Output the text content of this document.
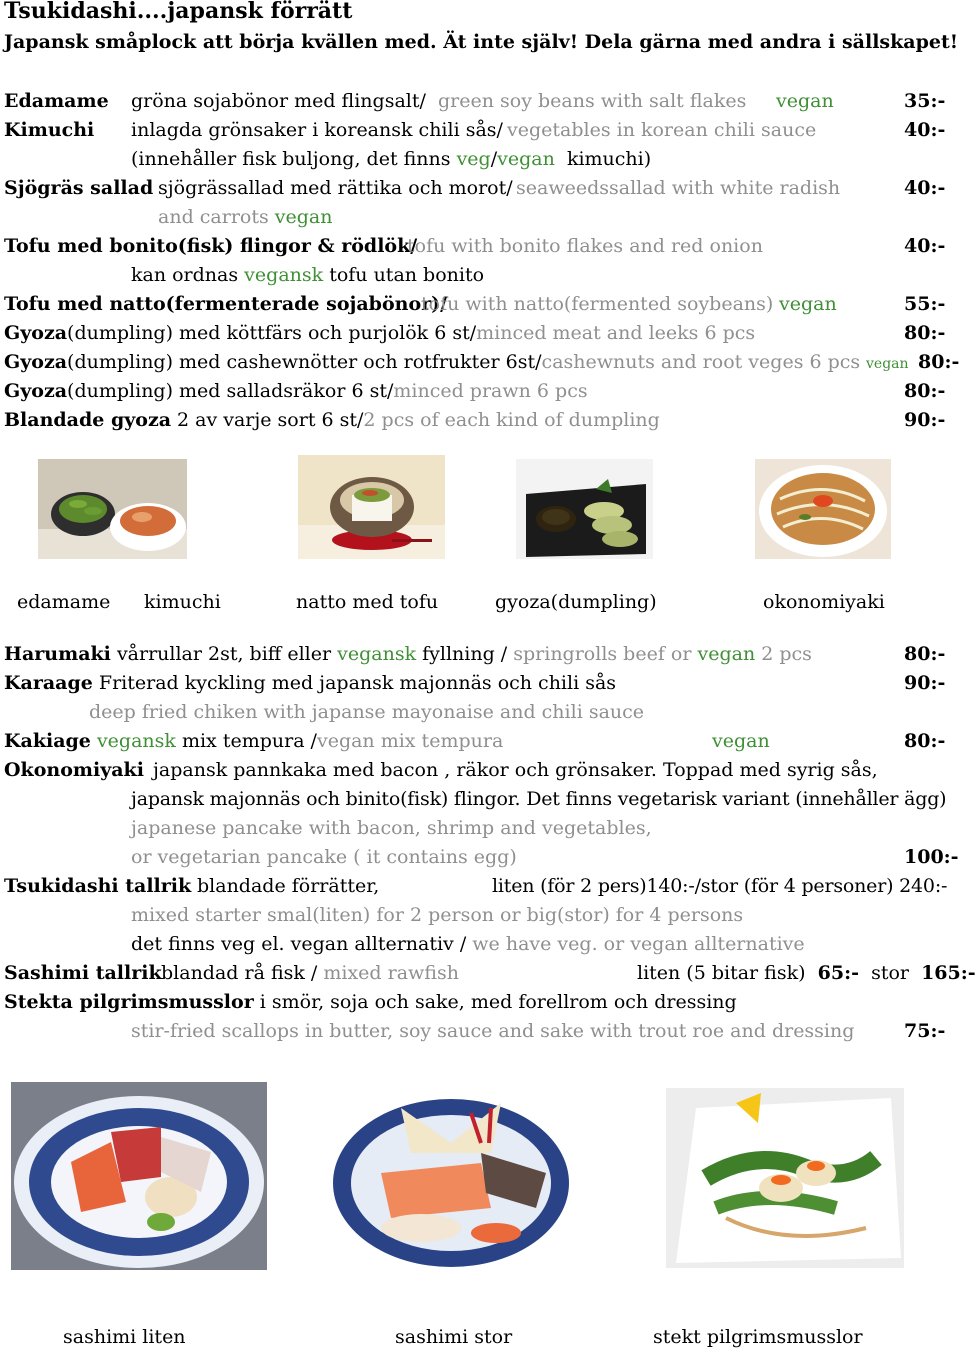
Tsukidashi....japansk förrätt
Japansk småplock att börja kvällen med. Ät inte själv! Dela gärna med andra i sällskapet!
Edamame gröna sojabönor med flingsalt/ green soy beans with salt flakes vegan	35:-
Kimuchi inlagda grönsaker i koreansk chili sås/ vegetables in korean chili sauce	40:-
(innehåller fisk buljong, det finns veg/vegan kimuchi)
Sjögräs sallad sjögrässallad med rättika och morot/ seaweedssallad with white radish	40:-
and carrots vegan
Tofu med bonito(fisk) flingor & rödlök/
tofu with bonito flakes and red onion	40:-
kan ordnas vegansk tofu utan bonito
Tofu med natto(fermenterade sojabönor)/
tofu with natto(fermented soybeans) vegan	55:-
Gyoza(dumpling) med köttfärs och purjolök 6 st/minced meat and leeks 6 pcs	80:-
Gyoza(dumpling) med cashewnötter och rotfrukter 6st/cashewnuts and root veges 6 pcs vegan 80:-
Gyoza(dumpling) med salladsräkor 6 st/minced prawn 6 pcs	80:-
Blandade gyoza 2 av varje sort 6 st/2 pcs of each kind of dumpling	90:-
edamame kimuchi	natto med tofu	gyoza(dumpling)	okonomiyaki
Harumaki vårrullar 2st, biff eller vegansk fyllning / springrolls beef or vegan 2 pcs	80:-
Karaage Friterad kyckling med japansk majonnäs och chili sås	90:-
deep fried chiken with japanse mayonaise and chili sauce
Kakiage vegansk mix tempura /vegan mix tempura	vegan	80:-
Okonomiyaki japansk pannkaka med bacon , räkor och grönsaker. Toppad med syrig sås,
japansk majonnäs och binito(fisk) flingor. Det finns vegetarisk variant (innehåller ägg)
japanese pancake with bacon, shrimp and vegetables,
or vegetarian pancake ( it contains egg)	100:-
Tsukidashi tallrik blandade förrätter,	liten (för 2 pers)140:-/stor (för 4 personer) 240:-
mixed starter smal(liten) for 2 person or big(stor) for 4 persons
det finns veg el. vegan allternativ / we have veg. or vegan allternative
Sashimi tallrik blandad rå fisk / mixed rawfish	liten (5 bitar fisk) 65:- stor 165:-
Stekta pilgrimsmusslor i smör, soja och sake, med forellrom och dressing
stir-fried scallops in butter, soy sauce and sake with trout roe and dressing	75:-
sashimi liten	sashimi stor	stekt pilgrimsmusslor
